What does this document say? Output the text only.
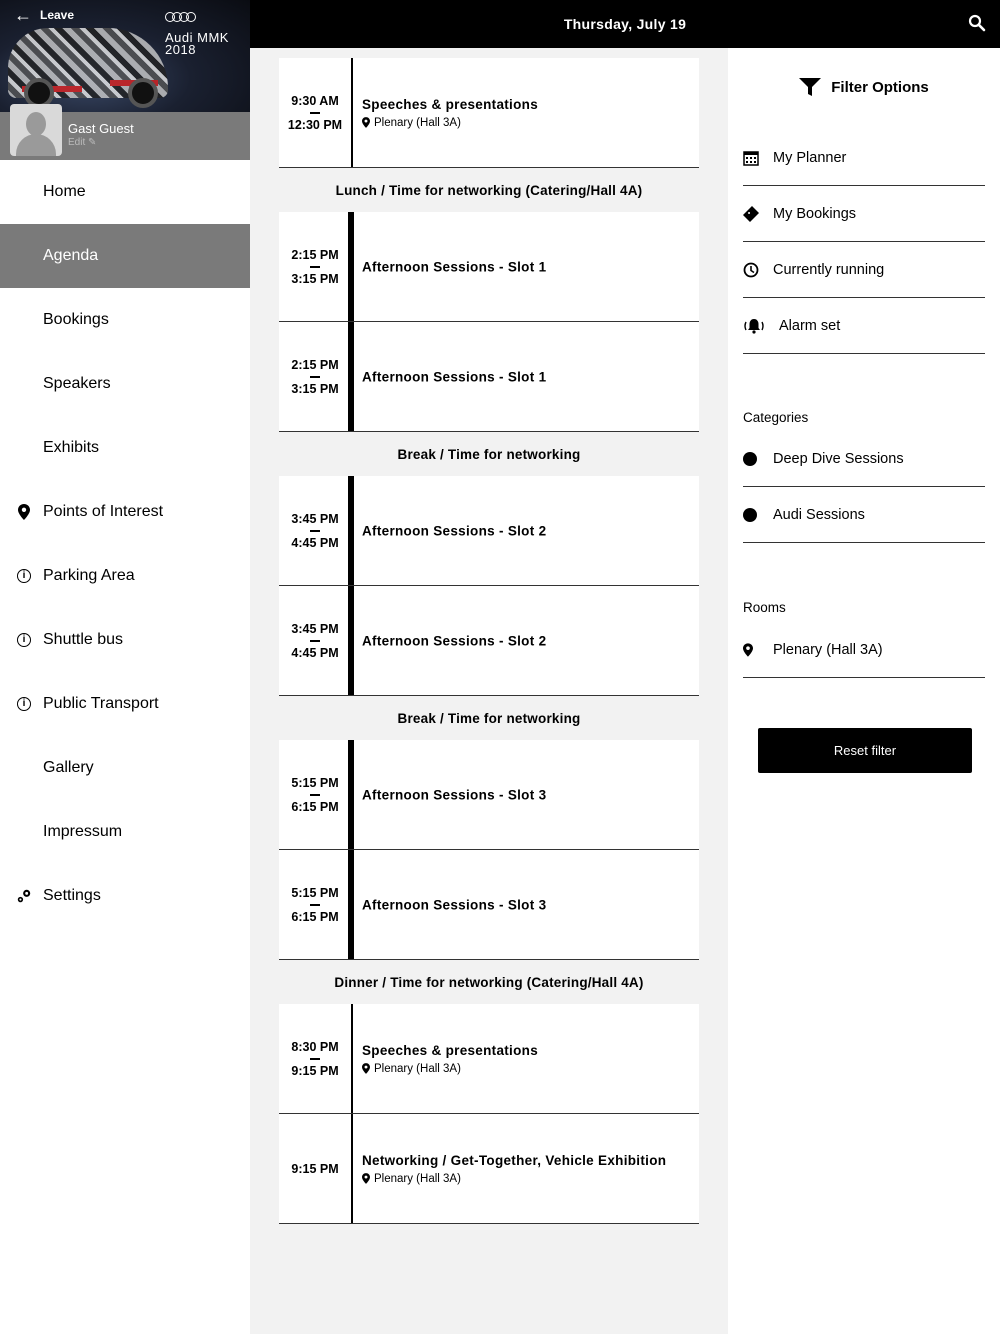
← Leave
Audi MMK
2018
Gast Guest
Edit ✎
Home
Agenda
Bookings
Speakers
Exhibits
Points of Interest
i	Parking Area
i	Shuttle bus
i	Public Transport
Gallery
Impressum
Settings
Thursday, July 19
9:30 AM
12:30 PM
Speeches & presentations
Plenary (Hall 3A)
Lunch / Time for networking (Catering/Hall 4A)
2:15 PM
3:15 PM
Afternoon Sessions - Slot 1
2:15 PM
3:15 PM
Afternoon Sessions - Slot 1
Break / Time for networking
3:45 PM
4:45 PM
Afternoon Sessions - Slot 2
3:45 PM
4:45 PM
Afternoon Sessions - Slot 2
Break / Time for networking
5:15 PM
6:15 PM
Afternoon Sessions - Slot 3
5:15 PM
6:15 PM
Afternoon Sessions - Slot 3
Dinner / Time for networking (Catering/Hall 4A)
8:30 PM
9:15 PM
Speeches & presentations
Plenary (Hall 3A)
9:15 PM
Networking / Get-Together, Vehicle Exhibition
Plenary (Hall 3A)
Filter Options
My Planner
My Bookings
Currently running
Alarm set
Categories
Deep Dive Sessions
Audi Sessions
Rooms
Plenary (Hall 3A)
Reset filter
